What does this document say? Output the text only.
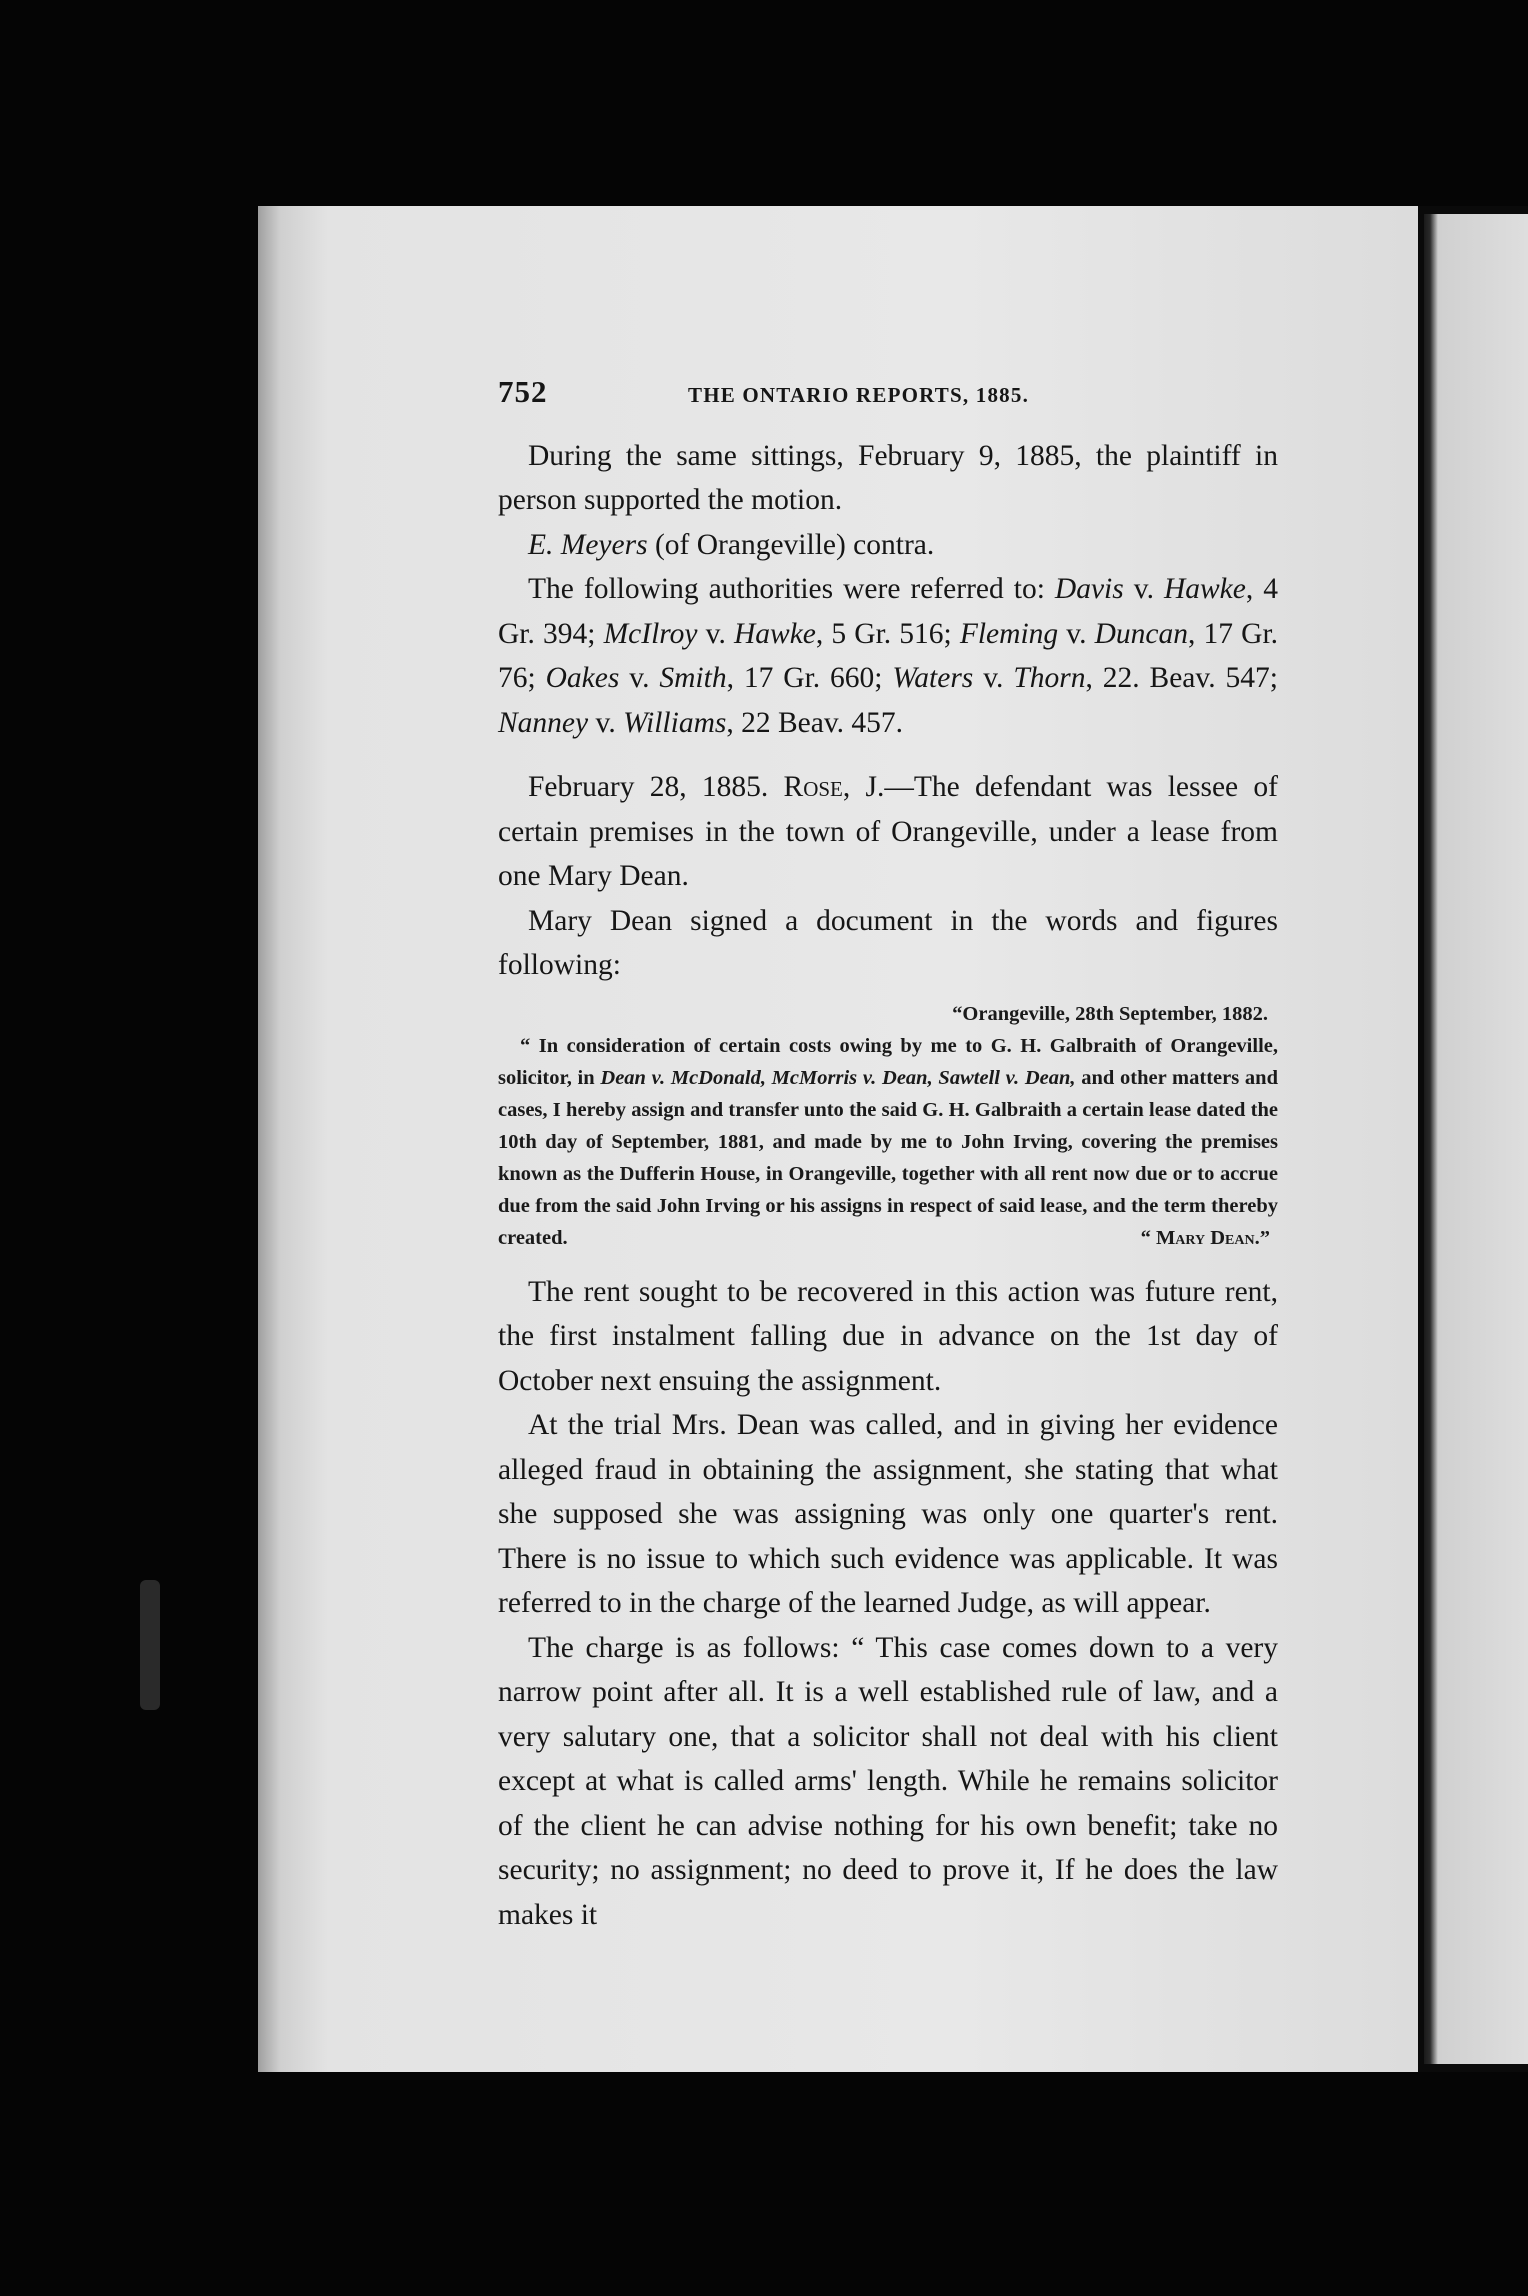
752	THE ONTARIO REPORTS, 1885.

During the same sittings, February 9, 1885, the plaintiff in person supported the motion.

E. Meyers (of Orangeville) contra.

The following authorities were referred to: Davis v. Hawke, 4 Gr. 394; McIlroy v. Hawke, 5 Gr. 516; Fleming v. Duncan, 17 Gr. 76; Oakes v. Smith, 17 Gr. 660; Waters v. Thorn, 22. Beav. 547; Nanney v. Williams, 22 Beav. 457.

February 28, 1885. Rose, J.—The defendant was lessee of certain premises in the town of Orangeville, under a lease from one Mary Dean.

Mary Dean signed a document in the words and figures following:

“Orangeville, 28th September, 1882.
“ In consideration of certain costs owing by me to G. H. Galbraith of Orangeville, solicitor, in Dean v. McDonald, McMorris v. Dean, Sawtell v. Dean, and other matters and cases, I hereby assign and transfer unto the said G. H. Galbraith a certain lease dated the 10th day of September, 1881, and made by me to John Irving, covering the premises known as the Dufferin House, in Orangeville, together with all rent now due or to accrue due from the said John Irving or his assigns in respect of said lease, and the term thereby created.	“ Mary Dean.”

The rent sought to be recovered in this action was future rent, the first instalment falling due in advance on the 1st day of October next ensuing the assignment.

At the trial Mrs. Dean was called, and in giving her evidence alleged fraud in obtaining the assignment, she stating that what she supposed she was assigning was only one quarter's rent. There is no issue to which such evidence was applicable. It was referred to in the charge of the learned Judge, as will appear.

The charge is as follows: “ This case comes down to a very narrow point after all. It is a well established rule of law, and a very salutary one, that a solicitor shall not deal with his client except at what is called arms' length. While he remains solicitor of the client he can advise nothing for his own benefit; take no security; no assignment; no deed to prove it, If he does the law makes it
